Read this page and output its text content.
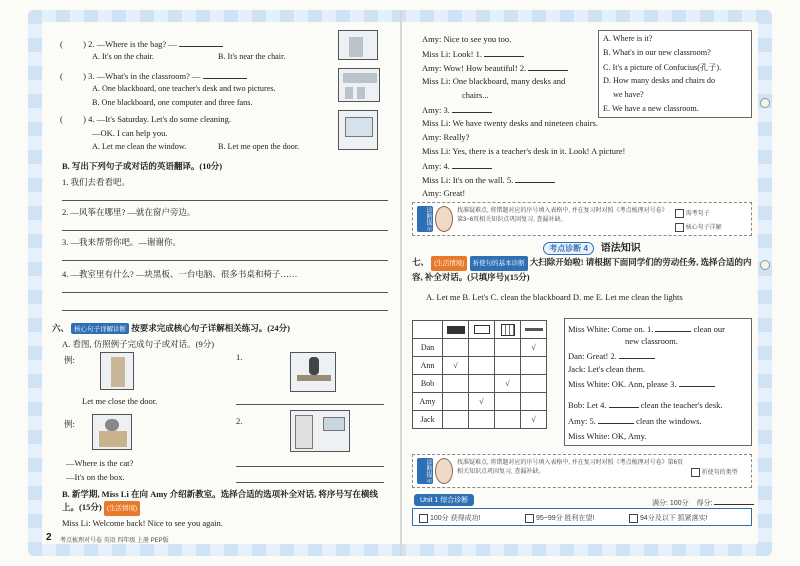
( ) 2. —Where is the bag? —
A. It's on the chair.	B. It's near the chair.
( ) 3. —What's in the classroom? —
A. One blackboard, one teacher's desk and two pictures.
B. One blackboard, one computer and three fans.
( ) 4. —It's Saturday. Let's do some cleaning.
—OK. I can help you.
A. Let me clean the window.	B. Let me open the door.
B. 写出下列句子或对话的英语翻译。(10分)
1. 我们去看看吧。
2. —风筝在哪里? —就在窗户旁边。
3. —我来帮帮你吧。—谢谢你。
4. —教室里有什么? —块黑板、一台电脑、很多书桌和椅子……
六、 核心句子详解诊断 按要求完成核心句子详解相关练习。(24分)
A. 看图, 仿照例子完成句子或对话。(9分)
例:
Let me close the door.
1.
例:
—Where is the cat?
—It's on the box.
2.
B. 新学期, Miss Li 在向 Amy 介绍新教室。选择合适的选项补全对话, 将序号写在横线上。(15分) (生活情境)
Miss Li: Welcome back! Nice to see you again.
2 考点梳理对号卷 英语 四年级 上册 PEP版
Amy: Nice to see you too.
Miss Li: Look! 1.
Amy: Wow! How beautiful! 2.
Miss Li: One blackboard, many desks and
chairs...
Amy: 3.
Miss Li: We have twenty desks and nineteen chairs.
Amy: Really?
Miss Li: Yes, there is a teacher's desk in it. Look! A picture!
Amy: 4.
Miss Li: It's on the wall. 5.
Amy: Great!
A. Where is it?
B. What's in our new classroom?
C. It's a picture of Confucius(孔子).
D. How many desks and chairs do
we have?
E. We have a new classroom.
诊断提示	找准疑难点, 将错题对应的序号填入表格中, 并在复习时对照《考点梳理对号卷》第3~6页相关知识点巩固复习, 查漏补缺。
需考句子
核心句子详解
考点诊断 4 语法知识
七、 (生活情境) 祈使句的基本诊断 大扫除开始啦! 请根据下面同学们的劳动任务, 选择合适的内容, 补全对话。(只填序号)(15分)
A. Let me B. Let's C. clean the blackboard D. me E. Let me clean the lights

Dan				√
Ann	√			
Bob			√	
Amy		√		
Jack				√
Miss White: Come on. 1.	clean our
new classroom.
Dan: Great! 2.
Jack: Let's clean them.
Miss White: OK. Ann, please 3.
Bob: Let 4.	clean the teacher's desk.
Amy: 5.	clean the windows.
Miss White: OK, Amy.
诊断提示	找准疑难点, 将错题对应的序号填入表格中, 并在复习时对照《考点梳理对号卷》第6页相关知识点巩固复习, 查漏补缺。	祈使句的类型
Unit 1 综合诊断	满分: 100分 得分:
100分 获得成功!	95~99分 胜利在望!	94分及以下 抓紧落实!
